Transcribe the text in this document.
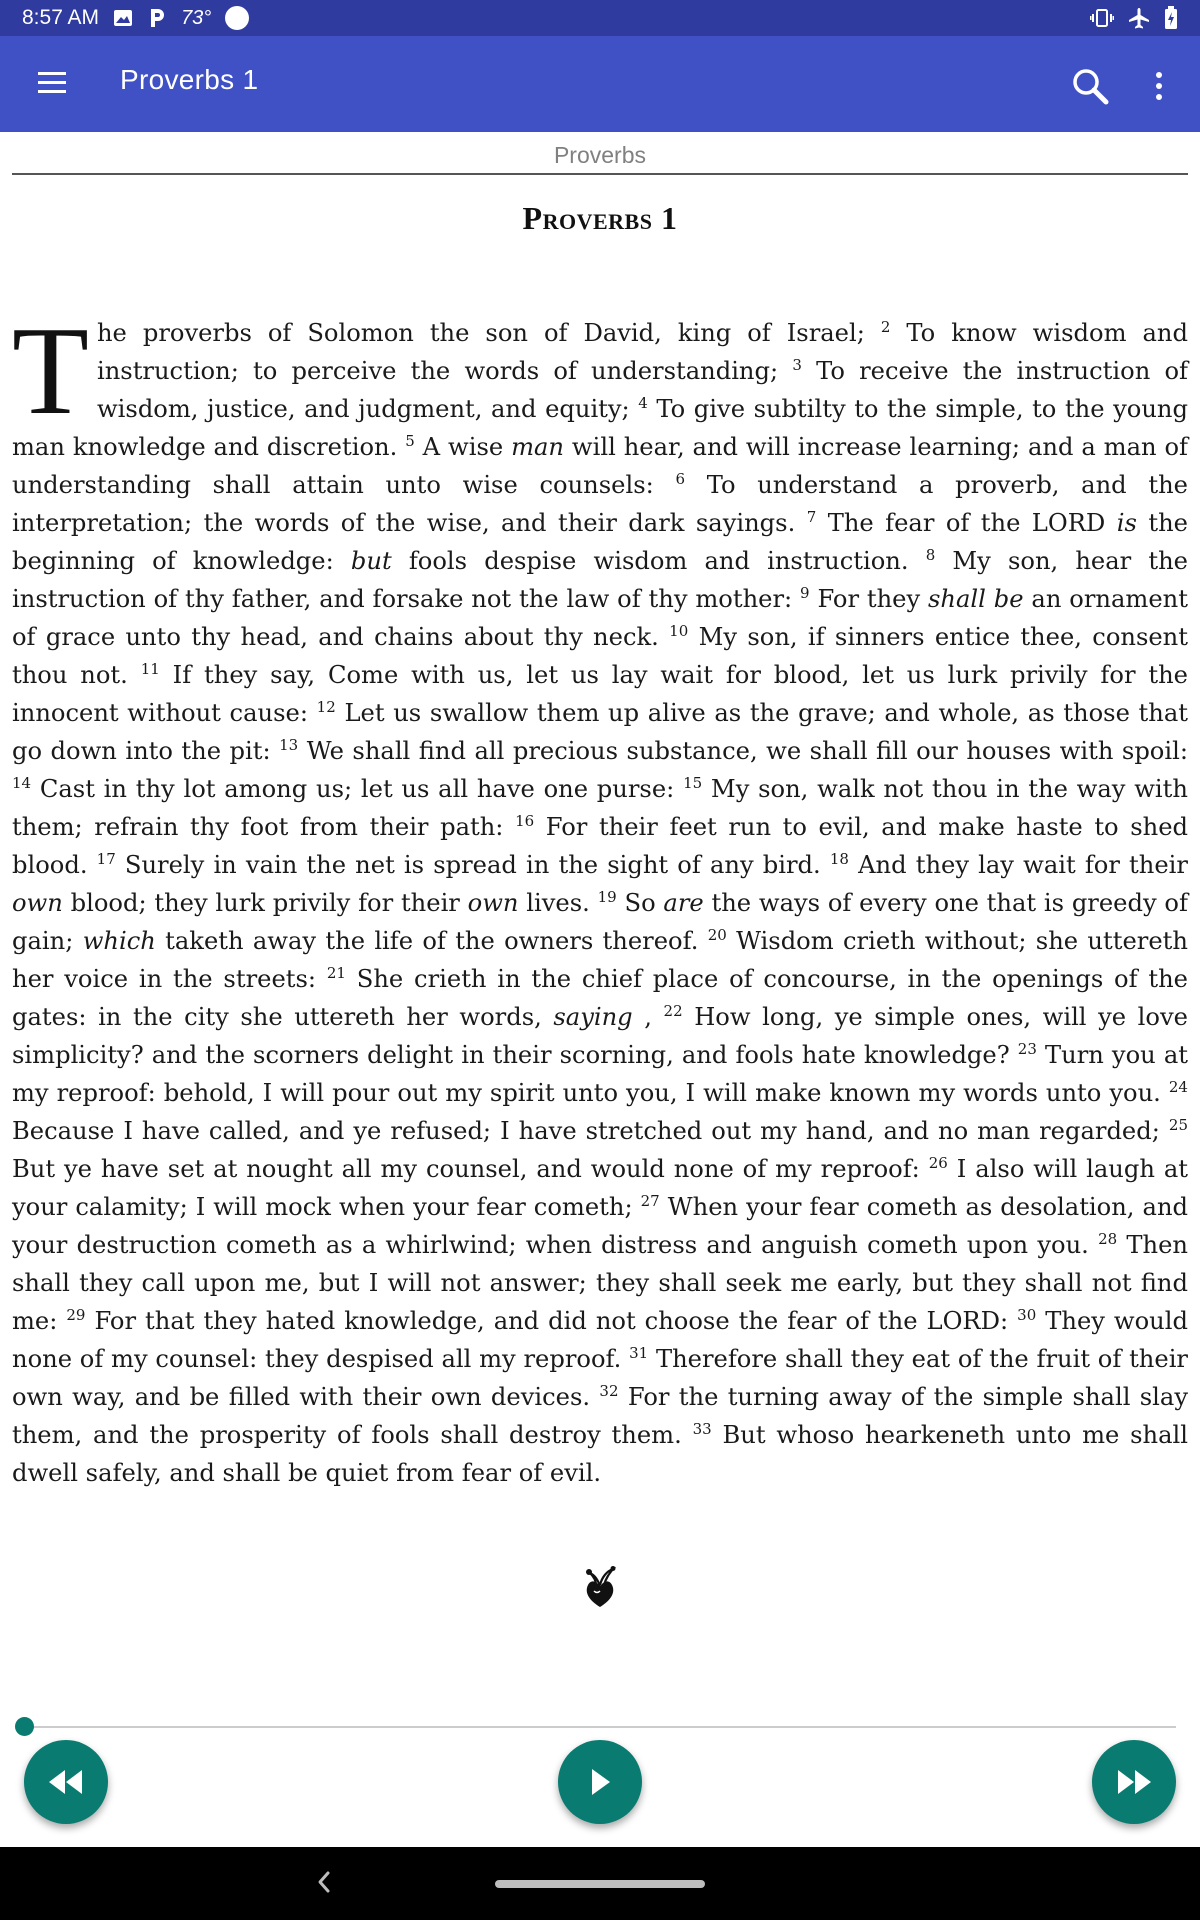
8:57 AM	73°
Proverbs 1
Proverbs
Proverbs 1
The proverbs of Solomon the son of David, king of Israel; $^2$ To know wisdom and instruction; to perceive the words of understanding; $^3$ To receive the instruction of wisdom, justice, and judgment, and equity; $^4$ To give subtilty to the simple, to the young man knowledge and discretion. $^5$ A wise man will hear, and will increase learning; and a man of understanding shall attain unto wise counsels: $^6$ To understand a proverb, and the interpretation; the words of the wise, and their dark sayings. $^7$ The fear of the LORD is the beginning of knowledge: but fools despise wisdom and instruction. $^8$ My son, hear the instruction of thy father, and forsake not the law of thy mother: $^9$ For they shall be an ornament of grace unto thy head, and chains about thy neck. $^{10}$ My son, if sinners entice thee, consent thou not. $^{11}$ If they say, Come with us, let us lay wait for blood, let us lurk privily for the innocent without cause: $^{12}$ Let us swallow them up alive as the grave; and whole, as those that go down into the pit: $^{13}$ We shall find all precious substance, we shall fill our houses with spoil: $^{14}$ Cast in thy lot among us; let us all have one purse: $^{15}$ My son, walk not thou in the way with them; refrain thy foot from their path: $^{16}$ For their feet run to evil, and make haste to shed blood. $^{17}$ Surely in vain the net is spread in the sight of any bird. $^{18}$ And they lay wait for their own blood; they lurk privily for their own lives. $^{19}$ So are the ways of every one that is greedy of gain; which taketh away the life of the owners thereof. $^{20}$ Wisdom crieth without; she uttereth her voice in the streets: $^{21}$ She crieth in the chief place of concourse, in the openings of the gates: in the city she uttereth her words, saying , $^{22}$ How long, ye simple ones, will ye love simplicity? and the scorners delight in their scorning, and fools hate knowledge? $^{23}$ Turn you at my reproof: behold, I will pour out my spirit unto you, I will make known my words unto you. $^{24}$ Because I have called, and ye refused; I have stretched out my hand, and no man regarded; $^{25}$ But ye have set at nought all my counsel, and would none of my reproof: $^{26}$ I also will laugh at your calamity; I will mock when your fear cometh; $^{27}$ When your fear cometh as desolation, and your destruction cometh as a whirlwind; when distress and anguish cometh upon you. $^{28}$ Then shall they call upon me, but I will not answer; they shall seek me early, but they shall not find me: $^{29}$ For that they hated knowledge, and did not choose the fear of the LORD: $^{30}$ They would none of my counsel: they despised all my reproof. $^{31}$ Therefore shall they eat of the fruit of their own way, and be filled with their own devices. $^{32}$ For the turning away of the simple shall slay them, and the prosperity of fools shall destroy them. $^{33}$ But whoso hearkeneth unto me shall dwell safely, and shall be quiet from fear of evil.
